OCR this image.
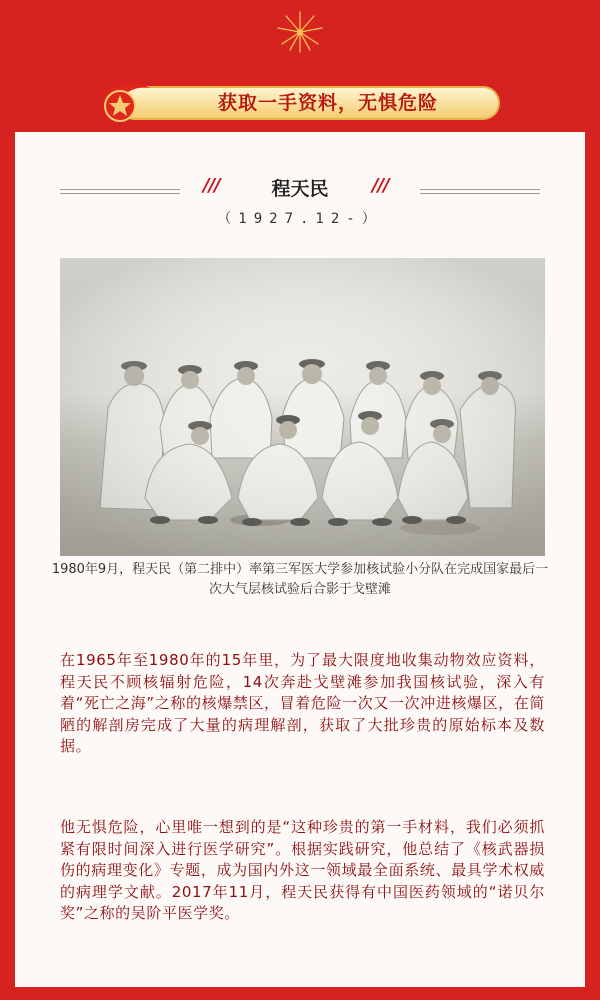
获取一手资料，无惧危险
///	///
程天民
（1927.12-）
1980年9月，程天民（第二排中）率第三军医大学参加核试验小分队在完成国家最后一次大气层核试验后合影于戈壁滩
在1965年至1980年的15年里，为了最大限度地收集动物效应资料，程天民不顾核辐射危险，14次奔赴戈壁滩参加我国核试验，深入有着“死亡之海”之称的核爆禁区，冒着危险一次又一次冲进核爆区，在简陋的解剖房完成了大量的病理解剖，获取了大批珍贵的原始标本及数据。
他无惧危险，心里唯一想到的是“这种珍贵的第一手材料，我们必须抓紧有限时间深入进行医学研究”。根据实践研究，他总结了《核武器损伤的病理变化》专题，成为国内外这一领域最全面系统、最具学术权威的病理学文献。2017年11月，程天民获得有中国医药领域的“诺贝尔奖”之称的吴阶平医学奖。
